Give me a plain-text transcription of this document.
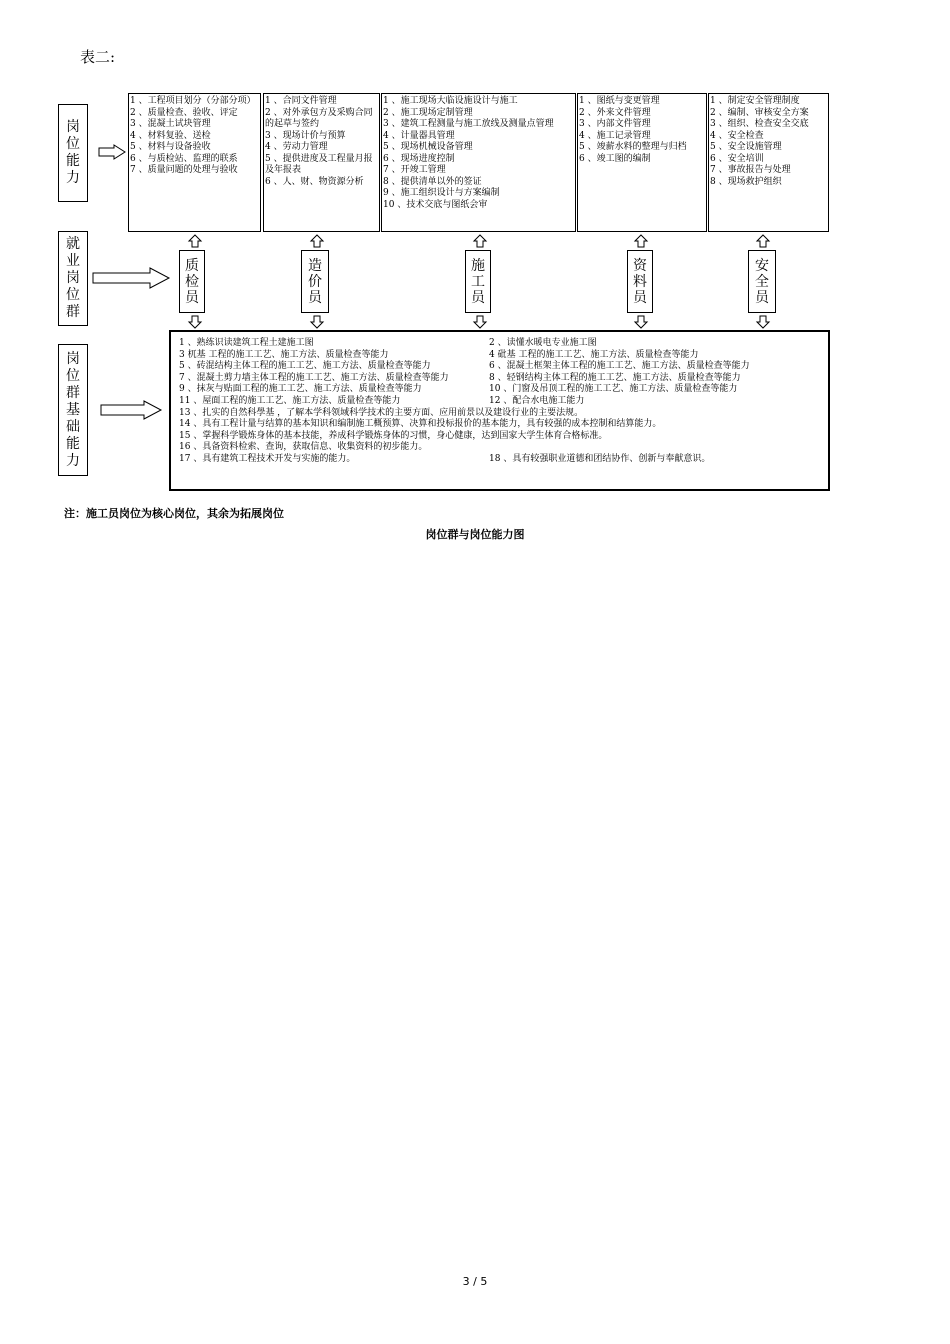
表二:
岗位能力
就业岗位群
岗位群基础能力
1 、工程项目划分（分部分项）
2 、质量检查、验收、评定
3 、混凝土试块管理
4 、材料复验、送检
5 、材料与设备验收
6 、与质检站、监理的联系
7 、质量问题的处理与验收
1 、合同文件管理
2 、对外承包方及采购合同的起草与签约
3 、现场计价与预算
4 、劳动力管理
5 、提供进度及工程量月报及年报表
6 、人、财、物资源分析
1 、施工现场大临设施设计与施工
2 、施工现场定制管理
3 、建筑工程测量与施工放线及测量点管理
4 、计量器具管理
5 、现场机械设备管理
6 、现场进度控制
7 、开竣工管理
8 、提供清单以外的签证
9 、施工组织设计与方案编制
10 、技术交底与图纸会审
1 、图纸与变更管理
2 、外来文件管理
3 、内部文件管理
4 、施工记录管理
5 、竣薪水料的整理与归档
6 、竣工图的编制
1 、制定安全管理制度
2 、编制、审核安全方案
3 、组织、检查安全交底
4 、安全检查
5 、安全设施管理
6 、安全培训
7 、事故报告与处理
8 、现场救护组织
质检员
造价员
施工员
资料员
安全员
1 、熟练识读建筑工程土建施工图	2 、读懂水暖电专业施工图
3 杌基 工程的施工工艺、施工方法、质量检查等能力	4 砒基 工程的施工工艺、施工方法、质量检查等能力
5 、砖混结构主体工程的施工工艺、施工方法、质量检查等能力	6 、混凝土框架主体工程的施工工艺、施工方法、质量检查等能力
7 、混凝土剪力墙主体工程的施工工艺、施工方法、质量检查等能力	8 、轻钢结构主体工程的施工工艺、施工方法、质量检查等能力
9 、抹灰与贴面工程的施工工艺、施工方法、质量检查等能力	10 、门窗及吊顶工程的施工工艺、施工方法、质量检查等能力
11 、屋面工程的施工工艺、施工方法、质量检查等能力	12 、配合水电施工能力
13 、扎实的自然科學基 ，了解本学科领域科学技术的主要方面、应用前景以及建设行业的主要法规。
14 、具有工程计量与结算的基本知识和编制施工概预算、决算和投标报价的基本能力，具有较强的成本控制和结算能力。
15 、掌握科学锻炼身体的基本技能，养成科学锻炼身体的习惯，身心健康，达到国家大学生体育合格标准。
16 、具备资料检索、查询，获取信息、收集资料的初步能力。
17 、具有建筑工程技术开发与实施的能力。	18 、具有较强职业道德和团结协作、创新与奉献意识。
注：施工员岗位为核心岗位，其余为拓展岗位
岗位群与岗位能力图
3 / 5
